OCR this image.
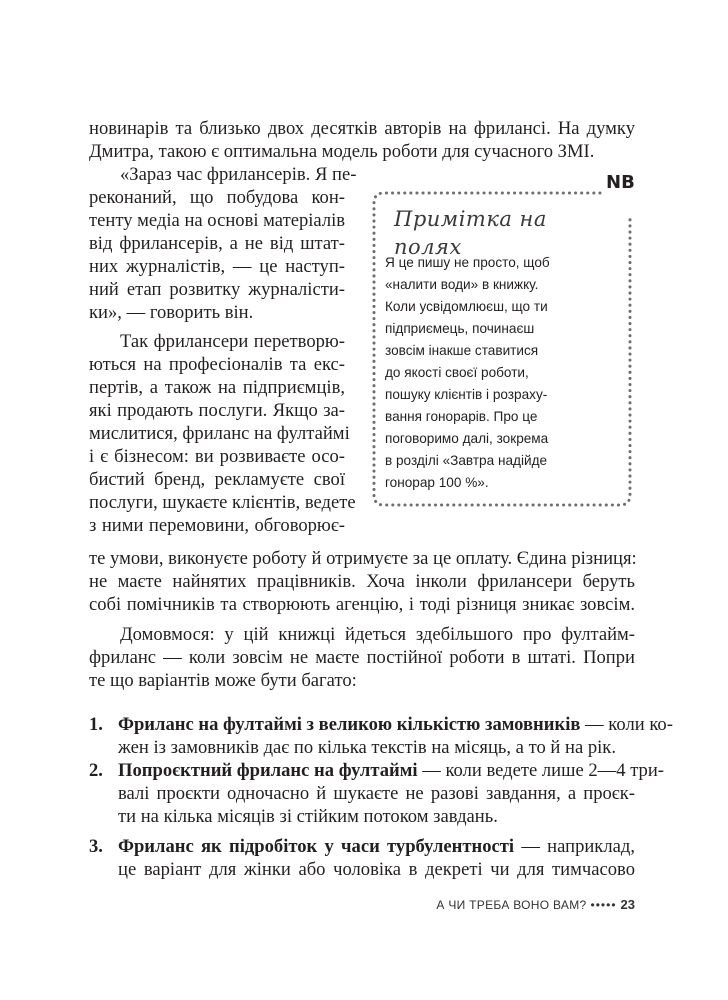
новинарів та близько двох десятків авторів на фрилансі. На думку

Дмитра, такою є оптимальна модель роботи для сучасного ЗМІ.

«Зараз час фрилансерів. Я пе-

реконаний, що побудова кон-

тенту медіа на основі матеріалів

від фрилансерів, а не від штат-

них журналістів, — це наступ-

ний етап розвитку журналісти-

ки», — говорить він.

Так фрилансери перетворю-

ються на професіоналів та екс-

пертів, а також на підприємців,

які продають послуги. Якщо за-

мислитися, фриланс на фултаймі

і є бізнесом: ви розвиваєте осо-

бистий бренд, рекламуєте свої

послуги, шукаєте клієнтів, ведете

з ними перемовини, обговорює-

те умови, виконуєте роботу й отримуєте за це оплату. Єдина різниця:

не маєте найнятих працівників. Хоча інколи фрилансери беруть

собі помічників та створюють агенцію, і тоді різниця зникає зовсім.

Домовмося: у цій книжці йдеться здебільшого про фултайм-

фриланс — коли зовсім не маєте постійної роботи в штаті. Попри

те що варіантів може бути багато:

1. Фриланс на фултаймі з великою кількістю замовників — коли ко-

жен із замовників дає по кілька текстів на місяць, а то й на рік.

2. Попроєктний фриланс на фултаймі — коли ведете лише 2—4 три-

валі проєкти одночасно й шукаєте не разові завдання, а проєк-

ти на кілька місяців зі стійким потоком завдань.

3. Фриланс як підробіток у часи турбулентності — наприклад,

це варіант для жінки або чоловіка в декреті чи для тимчасово

NB
Примітка на полях

Я це пишу не просто, щоб

«налити води» в книжку.

Коли усвідомлюєш, що ти

підприємець, починаєш

зовсім інакше ставитися

до якості своєї роботи,

пошуку клієнтів і розраху-

вання гонорарів. Про це

поговоримо далі, зокрема

в розділі «Завтра надійде

гонорар 100 %».

А ЧИ ТРЕБА ВОНО ВАМ? ••••• 23
